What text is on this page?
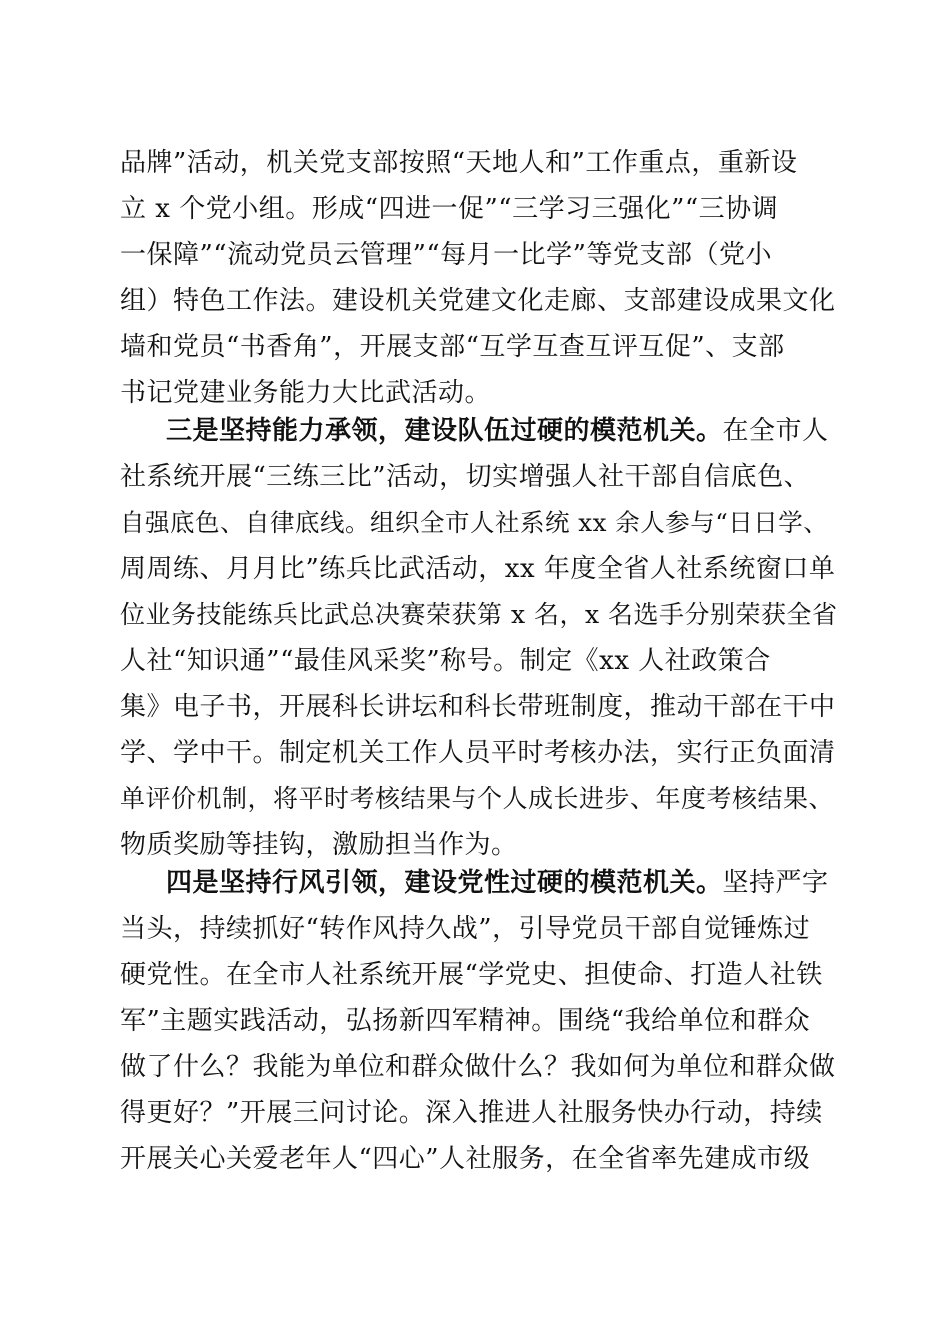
品牌”活动，机关党支部按照“天地人和”工作重点，重新设
立 x 个党小组。形成“四进一促”“三学习三强化”“三协调
一保障”“流动党员云管理”“每月一比学”等党支部（党小
组）特色工作法。建设机关党建文化走廊、支部建设成果文化
墙和党员“书香角”，开展支部“互学互查互评互促”、支部
书记党建业务能力大比武活动。
三是坚持能力承领，建设队伍过硬的模范机关。在全市人
社系统开展“三练三比”活动，切实增强人社干部自信底色、
自强底色、自律底线。组织全市人社系统 xx 余人参与“日日学、
周周练、月月比”练兵比武活动，xx 年度全省人社系统窗口单
位业务技能练兵比武总决赛荣获第 x 名，x 名选手分别荣获全省
人社“知识通”“最佳风采奖”称号。制定《xx 人社政策合
集》电子书，开展科长讲坛和科长带班制度，推动干部在干中
学、学中干。制定机关工作人员平时考核办法，实行正负面清
单评价机制，将平时考核结果与个人成长进步、年度考核结果、
物质奖励等挂钩，激励担当作为。
四是坚持行风引领，建设党性过硬的模范机关。坚持严字
当头，持续抓好“转作风持久战”，引导党员干部自觉锤炼过
硬党性。在全市人社系统开展“学党史、担使命、打造人社铁
军”主题实践活动，弘扬新四军精神。围绕“我给单位和群众
做了什么？我能为单位和群众做什么？我如何为单位和群众做
得更好？”开展三问讨论。深入推进人社服务快办行动，持续
开展关心关爱老年人“四心”人社服务，在全省率先建成市级
